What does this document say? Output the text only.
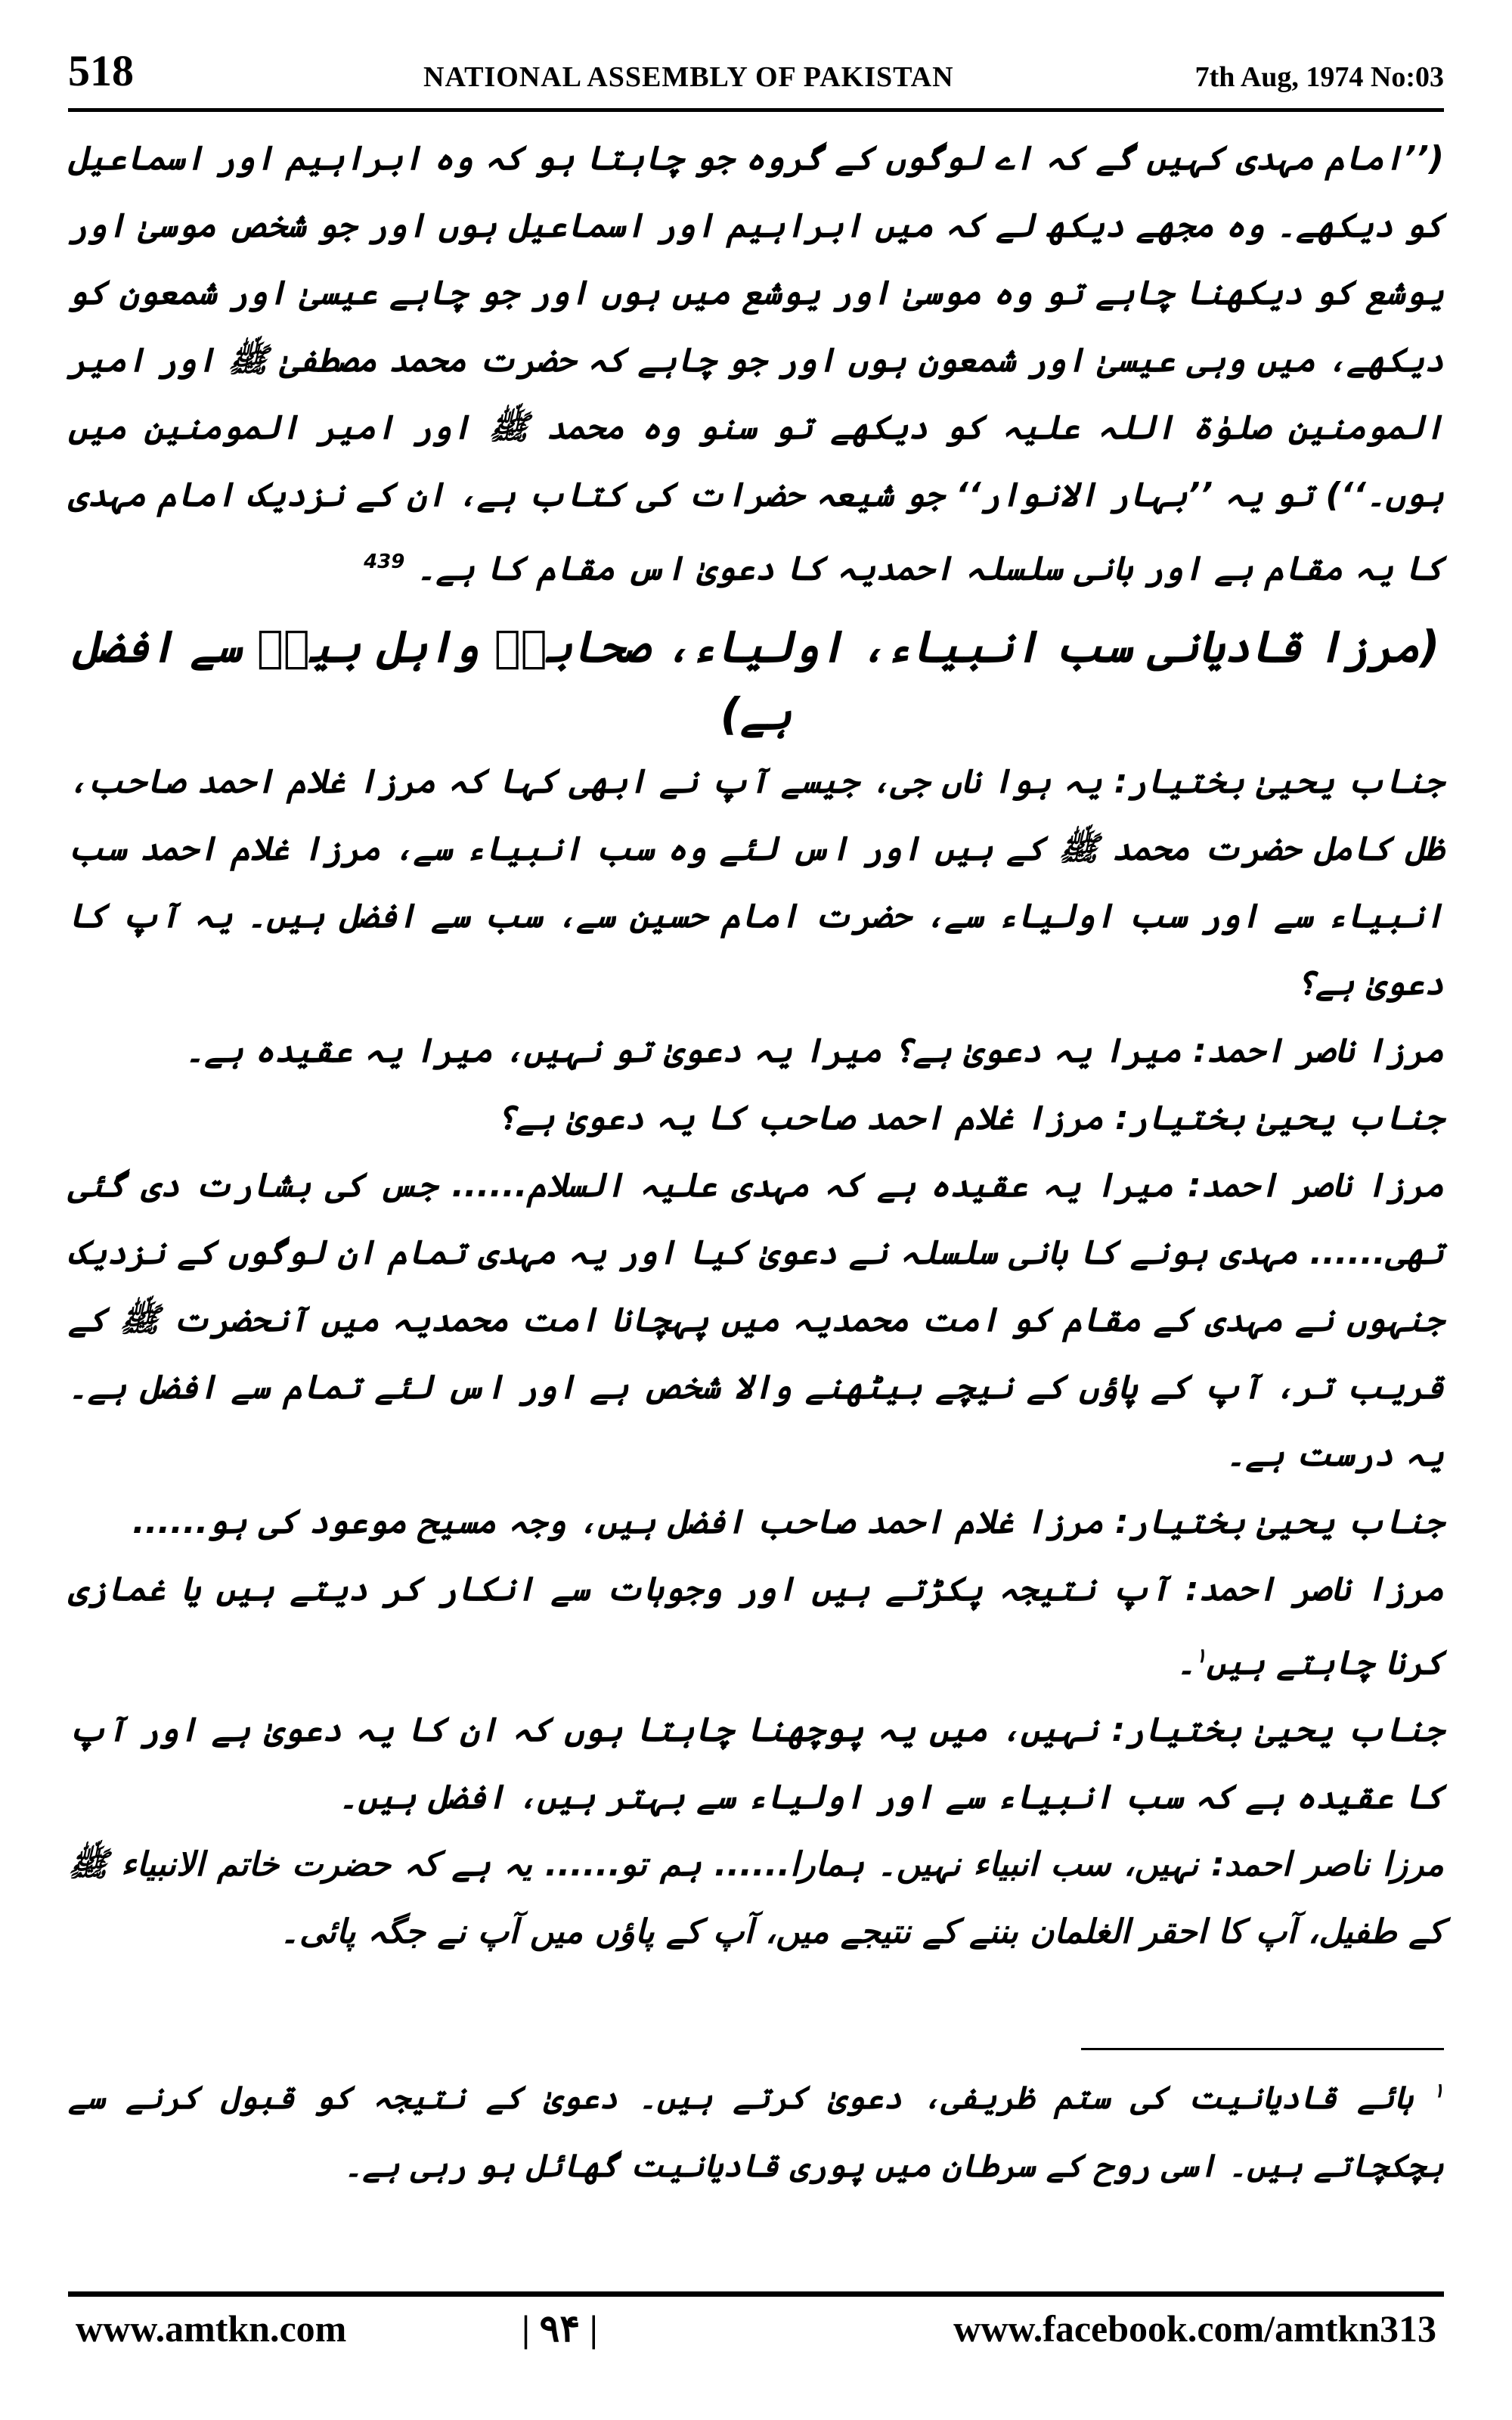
518	NATIONAL ASSEMBLY OF PAKISTAN	7th Aug, 1974 No:03

(’’امام مہدی کہیں گے کہ اے لوگوں کے گروہ جو چاہتا ہو کہ وہ ابراہیم اور اسماعیل کو دیکھے۔ وہ مجھے دیکھ لے کہ میں ابراہیم اور اسماعیل ہوں اور جو شخص موسیٰ اور یوشع کو دیکھنا چاہے تو وہ موسیٰ اور یوشع میں ہوں اور جو چاہے عیسیٰ اور شمعون کو دیکھے، میں وہی عیسیٰ اور شمعون ہوں اور جو چاہے کہ حضرت محمد مصطفیٰ ﷺ اور امیر المومنین صلوٰۃ اللہ علیہ کو دیکھے تو سنو وہ محمد ﷺ اور امیر المومنین میں ہوں۔‘‘) تو یہ ’’بہار الانوار‘‘ جو شیعہ حضرات کی کتاب ہے، ان کے نزدیک امام مہدی کا یہ مقام ہے اور بانی سلسلہ احمدیہ کا دعویٰ اس مقام کا ہے۔ $^{439}$

(مرزا قادیانی سب انبیاء، اولیاء، صحابہؓ واہل بیتؓ سے افضل ہے)

جناب یحییٰ بختیار: یہ ہوا ناں جی، جیسے آپ نے ابھی کہا کہ مرزا غلام احمد صاحب، ظل کامل حضرت محمد ﷺ کے ہیں اور اس لئے وہ سب انبیاء سے، مرزا غلام احمد سب انبیاء سے اور سب اولیاء سے، حضرت امام حسین سے، سب سے افضل ہیں۔ یہ آپ کا دعویٰ ہے؟

مرزا ناصر احمد: میرا یہ دعویٰ ہے؟ میرا یہ دعویٰ تو نہیں، میرا یہ عقیدہ ہے۔

جناب یحییٰ بختیار: مرزا غلام احمد صاحب کا یہ دعویٰ ہے؟

مرزا ناصر احمد: میرا یہ عقیدہ ہے کہ مہدی علیہ السلام...... جس کی بشارت دی گئی تھی...... مہدی ہونے کا بانی سلسلہ نے دعویٰ کیا اور یہ مہدی تمام ان لوگوں کے نزدیک جنہوں نے مہدی کے مقام کو امت محمدیہ میں پہچانا امت محمدیہ میں آنحضرت ﷺ کے قریب تر، آپ کے پاؤں کے نیچے بیٹھنے والا شخص ہے اور اس لئے تمام سے افضل ہے۔ یہ درست ہے۔

جناب یحییٰ بختیار: مرزا غلام احمد صاحب افضل ہیں، وجہ مسیح موعود کی ہو......

مرزا ناصر احمد: آپ نتیجہ پکڑتے ہیں اور وجوہات سے انکار کر دیتے ہیں یا غمازی کرنا چاہتے ہیں$^۱$۔

جناب یحییٰ بختیار: نہیں، میں یہ پوچھنا چاہتا ہوں کہ ان کا یہ دعویٰ ہے اور آپ کا عقیدہ ہے کہ سب انبیاء سے اور اولیاء سے بہتر ہیں، افضل ہیں۔

مرزا ناصر احمد: نہیں، سب انبیاء نہیں۔ ہمارا...... ہم تو...... یہ ہے کہ حضرت خاتم الانبیاء ﷺ کے طفیل، آپ کا احقر الغلمان بننے کے نتیجے میں، آپ کے پاؤں میں آپ نے جگہ پائی۔

$^۱$ ہائے قادیانیت کی ستم ظریفی، دعویٰ کرتے ہیں۔ دعویٰ کے نتیجہ کو قبول کرنے سے ہچکچاتے ہیں۔ اسی روح کے سرطان میں پوری قادیانیت گھائل ہو رہی ہے۔

www.amtkn.com	| ۹۴ |	www.facebook.com/amtkn313
